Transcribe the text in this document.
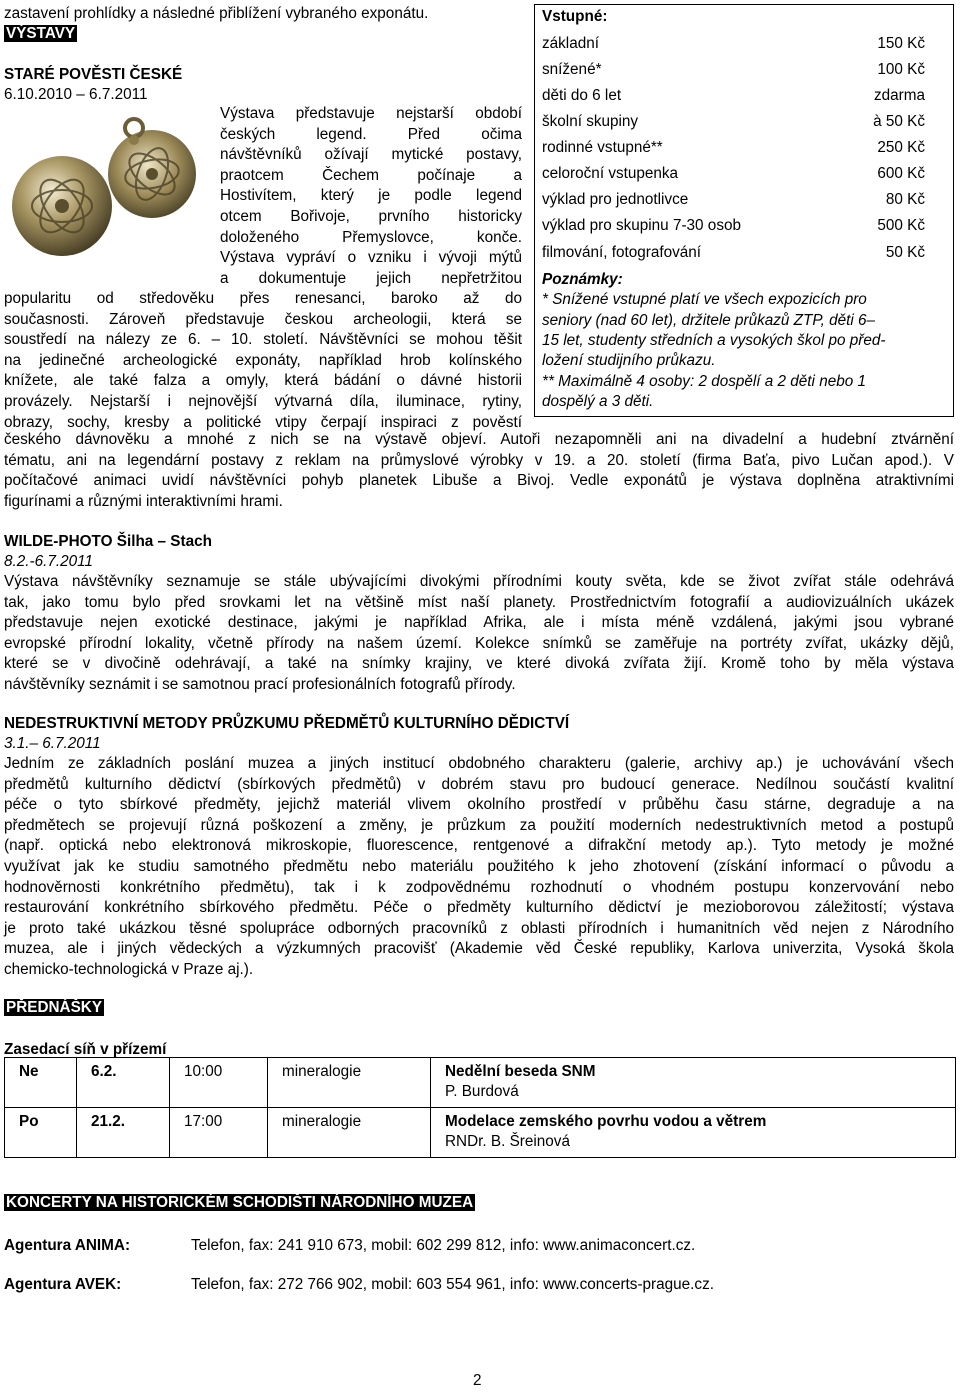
zastavení prohlídky a následné přiblížení vybraného exponátu.
VÝSTAVY
STARÉ POVĚSTI ČESKÉ
6.10.2010 – 6.7.2011
Výstava představuje nejstarší období
českých legend. Před očima
návštěvníků ožívají mytické postavy,
praotcem Čechem počínaje a
Hostivítem, který je podle legend
otcem Bořivoje, prvního historicky
doloženého Přemyslovce, konče.
Výstava vypráví o vzniku i vývoji mýtů
a dokumentuje jejich nepřetržitou
popularitu od středověku přes renesanci, baroko až do
současnosti. Zároveň představuje českou archeologii, která se
soustředí na nálezy ze 6. – 10. století. Návštěvníci se mohou těšit
na jedinečné archeologické exponáty, například hrob kolínského
knížete, ale také falza a omyly, která bádání o dávné historii
provázely. Nejstarší i nejnovější výtvarná díla, iluminace, rytiny,
obrazy, sochy, kresby a politické vtipy čerpají inspiraci z pověstí
českého dávnověku a mnohé z nich se na výstavě objeví. Autoři nezapomněli ani na divadelní a hudební ztvárnění
tématu, ani na legendární postavy z reklam na průmyslové výrobky v 19. a 20. století (firma Baťa, pivo Lučan apod.). V
počítačové animaci uvidí návštěvníci pohyb planetek Libuše a Bivoj. Vedle exponátů je výstava doplněna atraktivními
figurínami a různými interaktivními hrami.
Vstupné:
základní	150 Kč
snížené*	100 Kč
děti do 6 let	zdarma
školní skupiny	à 50 Kč
rodinné vstupné**	250 Kč
celoroční vstupenka	600 Kč
výklad pro jednotlivce	80 Kč
výklad pro skupinu 7-30 osob	500 Kč
filmování, fotografování	50 Kč
Poznámky:
* Snížené vstupné platí ve všech expozicích pro
seniory (nad 60 let), držitele průkazů ZTP, děti 6–
15 let, studenty středních a vysokých škol po před-
ložení studijního průkazu.
** Maximálně 4 osoby: 2 dospělí a 2 děti nebo 1
dospělý a 3 děti.
WILDE-PHOTO Šilha – Stach
8.2.-6.7.2011
Výstava návštěvníky seznamuje se stále ubývajícími divokými přírodními kouty světa, kde se život zvířat stále odehrává
tak, jako tomu bylo před srovkami let na většině míst naší planety. Prostřednictvím fotografií a audiovizuálních ukázek
představuje nejen exotické destinace, jakými je například Afrika, ale i místa méně vzdálená, jakými jsou vybrané
evropské přírodní lokality, včetně přírody na našem území. Kolekce snímků se zaměřuje na portréty zvířat, ukázky dějů,
které se v divočině odehrávají, a také na snímky krajiny, ve které divoká zvířata žijí. Kromě toho by měla výstava
návštěvníky seznámit i se samotnou prací profesionálních fotografů přírody.
NEDESTRUKTIVNÍ METODY PRŮZKUMU PŘEDMĚTŮ KULTURNÍHO DĚDICTVÍ
3.1.– 6.7.2011
Jedním ze základních poslání muzea a jiných institucí obdobného charakteru (galerie, archivy ap.) je uchovávání všech
předmětů kulturního dědictví (sbírkových předmětů) v dobrém stavu pro budoucí generace. Nedílnou součástí kvalitní
péče o tyto sbírkové předměty, jejichž materiál vlivem okolního prostředí v průběhu času stárne, degraduje a na
předmětech se projevují různá poškození a změny, je průzkum za použití moderních nedestruktivních metod a postupů
(např. optická nebo elektronová mikroskopie, fluorescence, rentgenové a difrakční metody ap.). Tyto metody je možné
využívat jak ke studiu samotného předmětu nebo materiálu použitého k jeho zhotovení (získání informací o původu a
hodnověrnosti konkrétního předmětu), tak i k zodpovědnému rozhodnutí o vhodném postupu konzervování nebo
restaurování konkrétního sbírkového předmětu. Péče o předměty kulturního dědictví je mezioborovou záležitostí; výstava
je proto také ukázkou těsné spolupráce odborných pracovníků z oblasti přírodních i humanitních věd nejen z Národního
muzea, ale i jiných vědeckých a výzkumných pracovišť (Akademie věd České republiky, Karlova univerzita, Vysoká škola
chemicko-technologická v Praze aj.).
PŘEDNÁŠKY
Zasedací síň v přízemí
Ne	6.2.	10:00	mineralogie	Nedělní beseda SNM
P. Burdová

Po	21.2.	17:00	mineralogie	Modelace zemského povrhu vodou a větrem
RNDr. B. Šreinová
KONCERTY NA HISTORICKÉM SCHODIŠTI NÁRODNÍHO MUZEA
Agentura ANIMA:	Telefon, fax: 241 910 673, mobil: 602 299 812, info: www.animaconcert.cz.
Agentura AVEK:	Telefon, fax: 272 766 902, mobil: 603 554 961, info: www.concerts-prague.cz.
2
